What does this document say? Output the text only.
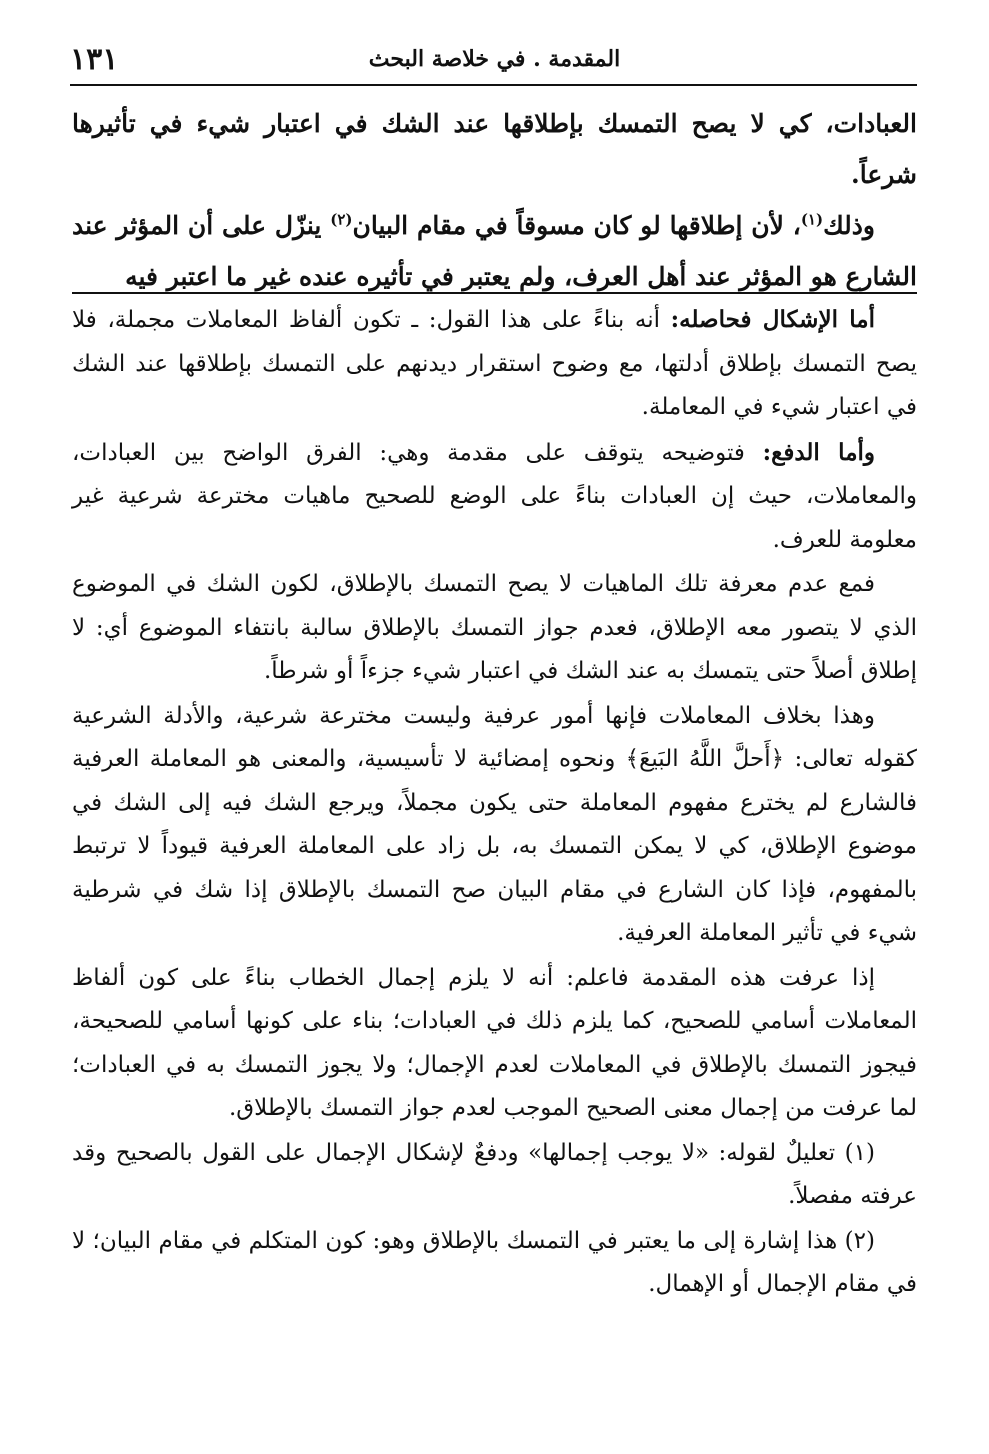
١٣١	المقدمة . في خلاصة البحث

العبادات، كي لا يصح التمسك بإطلاقها عند الشك في اعتبار شيء في تأثيرها شرعاً.

وذلك$^{(١)}$، لأن إطلاقها لو كان مسوقاً في مقام البيان$^{(٢)}$ ينزّل على أن المؤثر عند الشارع هو المؤثر عند أهل العرف، ولم يعتبر في تأثيره عنده غير ما اعتبر فيه

أما الإشكال فحاصله: أنه بناءً على هذا القول: ـ تكون ألفاظ المعاملات مجملة، فلا يصح التمسك بإطلاق أدلتها، مع وضوح استقرار ديدنهم على التمسك بإطلاقها عند الشك في اعتبار شيء في المعاملة.

وأما الدفع: فتوضيحه يتوقف على مقدمة وهي: الفرق الواضح بين العبادات، والمعاملات، حيث إن العبادات بناءً على الوضع للصحيح ماهيات مخترعة شرعية غير معلومة للعرف.

فمع عدم معرفة تلك الماهيات لا يصح التمسك بالإطلاق، لكون الشك في الموضوع الذي لا يتصور معه الإطلاق، فعدم جواز التمسك بالإطلاق سالبة بانتفاء الموضوع أي: لا إطلاق أصلاً حتى يتمسك به عند الشك في اعتبار شيء جزءاً أو شرطاً.

وهذا بخلاف المعاملات فإنها أمور عرفية وليست مخترعة شرعية، والأدلة الشرعية كقوله تعالى: ﴿أَحلَّ اللَّهُ البَيعَ﴾ ونحوه إمضائية لا تأسيسية، والمعنى هو المعاملة العرفية فالشارع لم يخترع مفهوم المعاملة حتى يكون مجملاً، ويرجع الشك فيه إلى الشك في موضوع الإطلاق، كي لا يمكن التمسك به، بل زاد على المعاملة العرفية قيوداً لا ترتبط بالمفهوم، فإذا كان الشارع في مقام البيان صح التمسك بالإطلاق إذا شك في شرطية شيء في تأثير المعاملة العرفية.

إذا عرفت هذه المقدمة فاعلم: أنه لا يلزم إجمال الخطاب بناءً على كون ألفاظ المعاملات أسامي للصحيح، كما يلزم ذلك في العبادات؛ بناء على كونها أسامي للصحيحة، فيجوز التمسك بالإطلاق في المعاملات لعدم الإجمال؛ ولا يجوز التمسك به في العبادات؛ لما عرفت من إجمال معنى الصحيح الموجب لعدم جواز التمسك بالإطلاق.

(١) تعليلٌ لقوله: «لا يوجب إجمالها» ودفعٌ لإشكال الإجمال على القول بالصحيح وقد عرفته مفصلاً.

(٢) هذا إشارة إلى ما يعتبر في التمسك بالإطلاق وهو: كون المتكلم في مقام البيان؛ لا في مقام الإجمال أو الإهمال.
